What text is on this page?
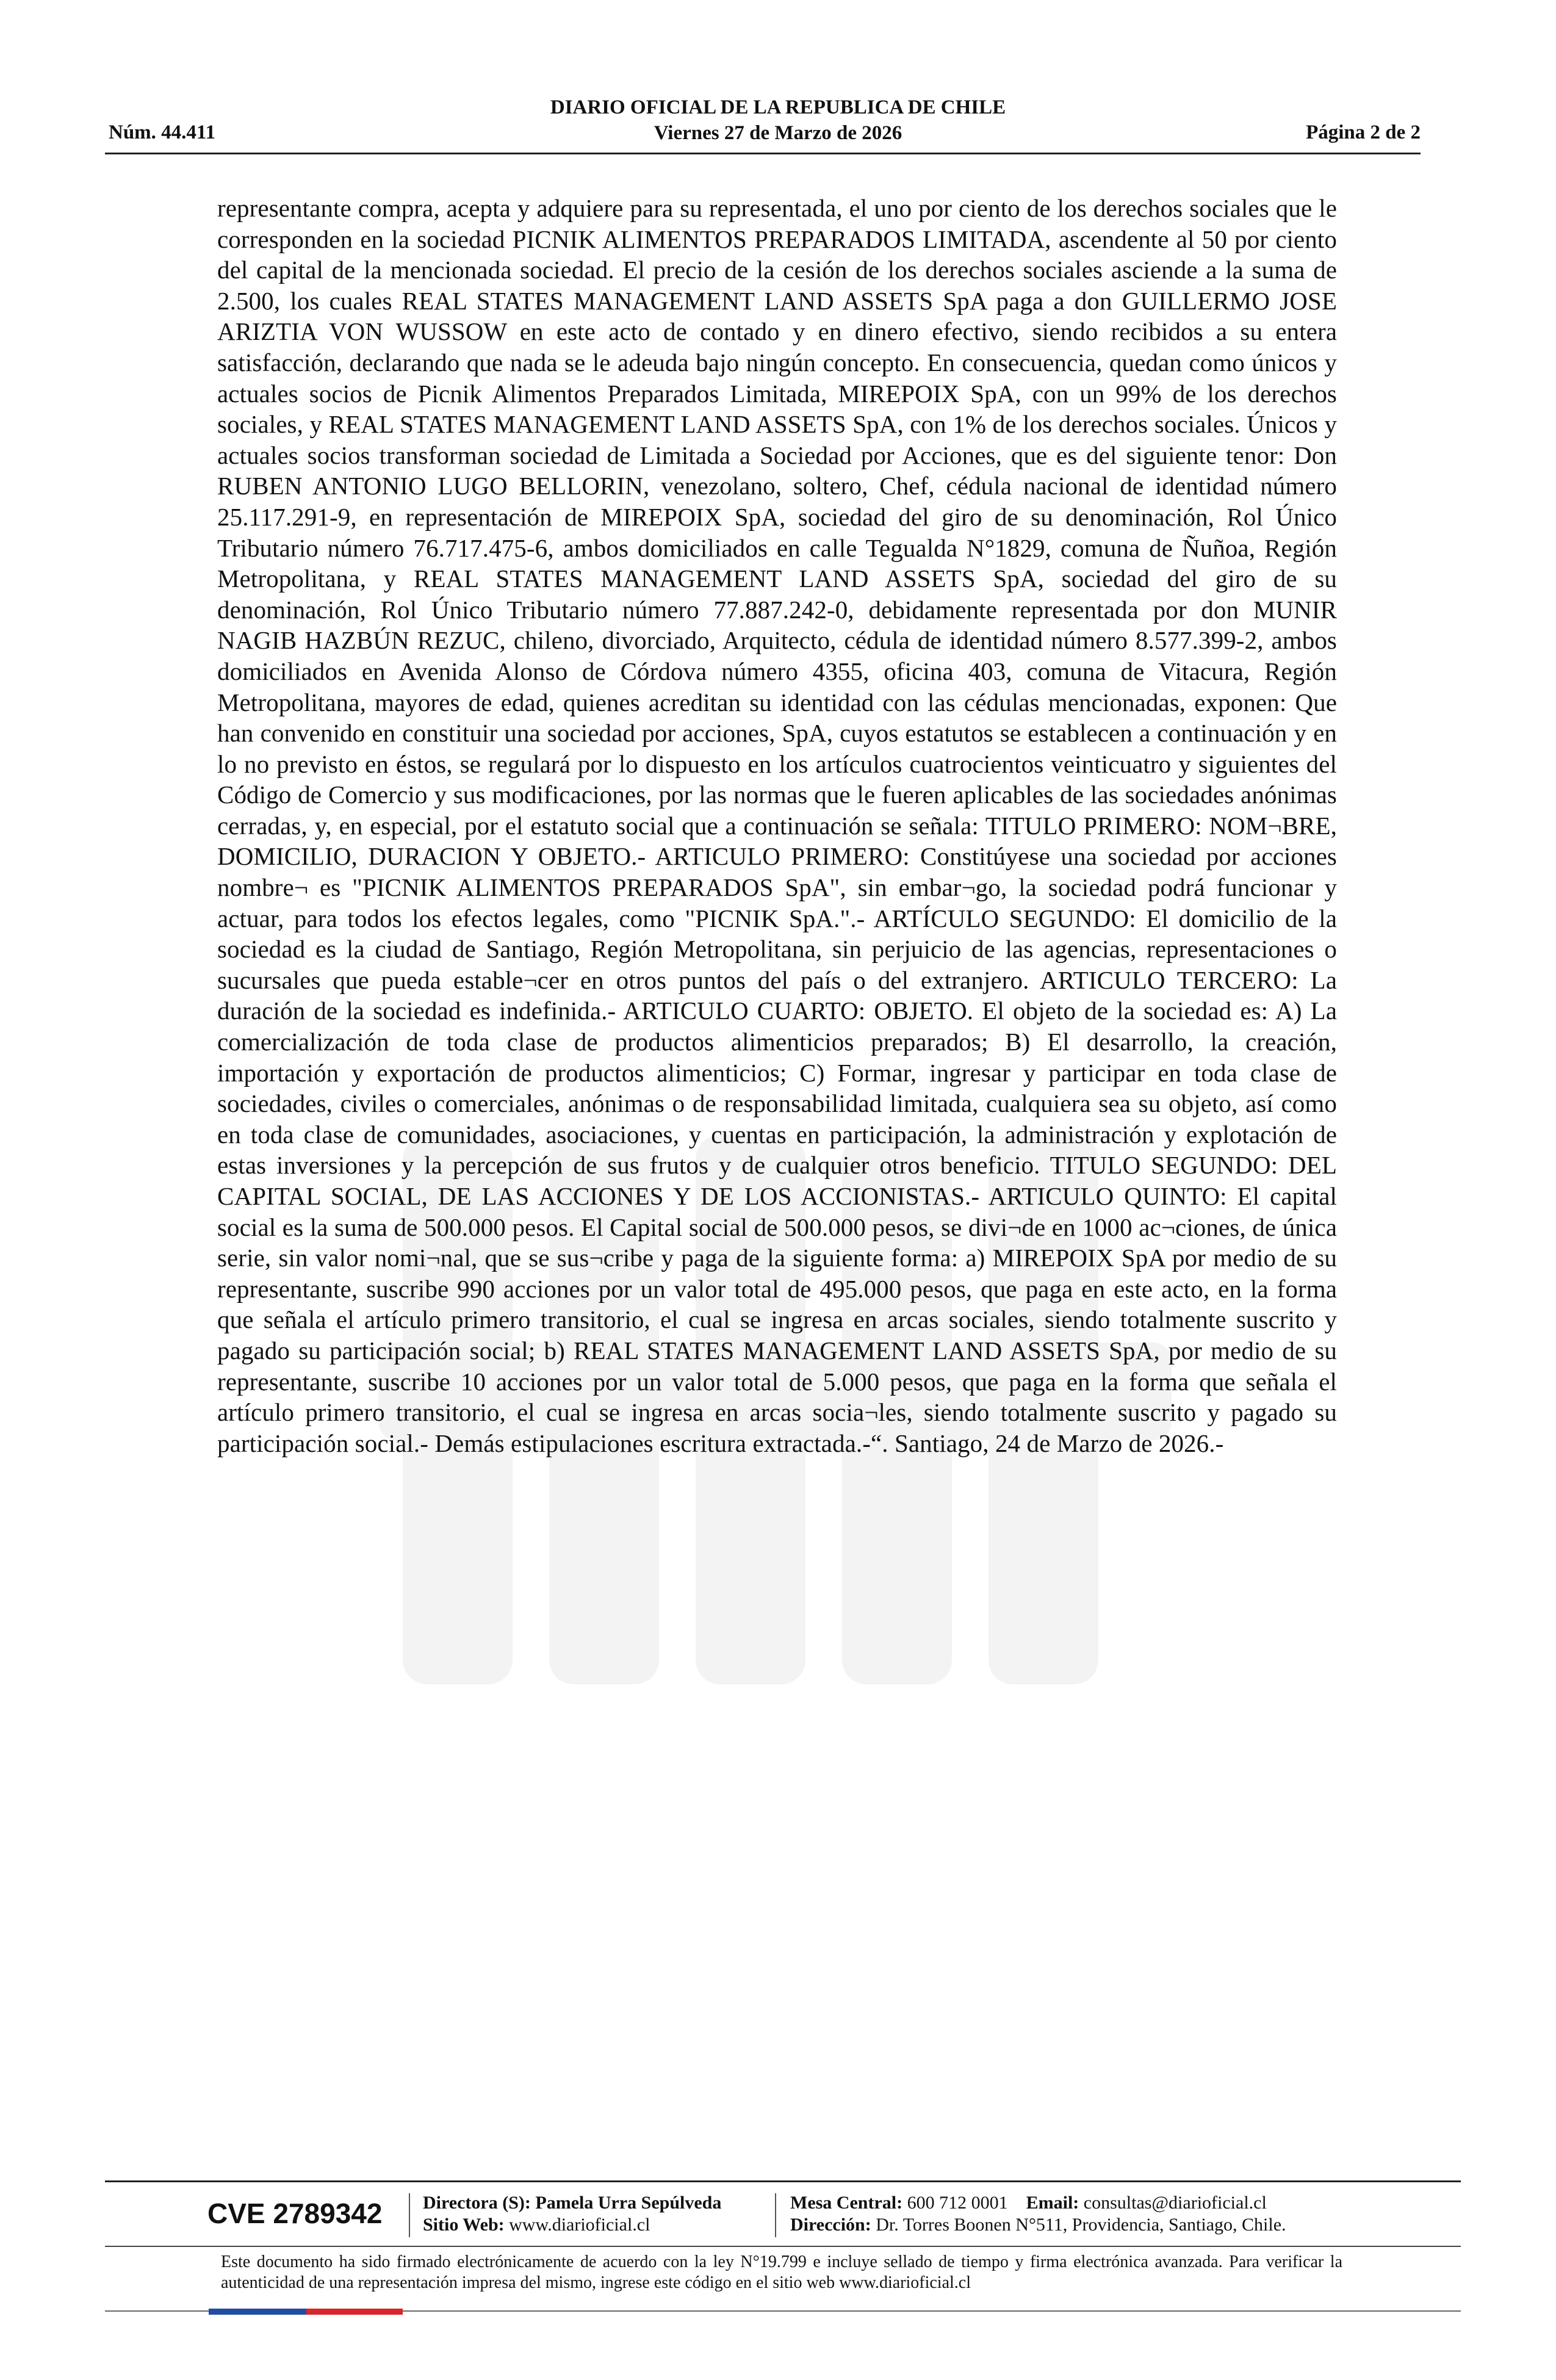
Núm. 44.411
DIARIO OFICIAL DE LA REPUBLICA DE CHILE
Viernes 27 de Marzo de 2026	Página 2 de 2
representante compra, acepta y adquiere para su representada, el uno por ciento de los derechos sociales que le corresponden en la sociedad PICNIK ALIMENTOS PREPARADOS LIMITADA, ascendente al 50 por ciento del capital de la mencionada sociedad. El precio de la cesión de los derechos sociales asciende a la suma de 2.500, los cuales REAL STATES MANAGEMENT LAND ASSETS SpA paga a don GUILLERMO JOSE ARIZTIA VON WUSSOW en este acto de contado y en dinero efectivo, siendo recibidos a su entera satisfacción, declarando que nada se le adeuda bajo ningún concepto. En consecuencia, quedan como únicos y actuales socios de Picnik Alimentos Preparados Limitada, MIREPOIX SpA, con un 99% de los derechos sociales, y REAL STATES MANAGEMENT LAND ASSETS SpA, con 1% de los derechos sociales. Únicos y actuales socios transforman sociedad de Limitada a Sociedad por Acciones, que es del siguiente tenor: Don RUBEN ANTONIO LUGO BELLORIN, venezolano, soltero, Chef, cédula nacional de identidad número 25.117.291-9, en representación de MIREPOIX SpA, sociedad del giro de su denominación, Rol Único Tributario número 76.717.475-6, ambos domiciliados en calle Tegualda N°1829, comuna de Ñuñoa, Región Metropolitana, y REAL STATES MANAGEMENT LAND ASSETS SpA, sociedad del giro de su denominación, Rol Único Tributario número 77.887.242-0, debidamente representada por don MUNIR NAGIB HAZBÚN REZUC, chileno, divorciado, Arquitecto, cédula de identidad número 8.577.399-2, ambos domiciliados en Avenida Alonso de Córdova número 4355, oficina 403, comuna de Vitacura, Región Metropolitana, mayores de edad, quienes acreditan su identidad con las cédulas mencionadas, exponen: Que han convenido en constituir una sociedad por acciones, SpA, cuyos estatutos se establecen a continuación y en lo no previsto en éstos, se regulará por lo dispuesto en los artículos cuatrocientos veinticuatro y siguientes del Código de Comercio y sus modificaciones, por las normas que le fueren aplicables de las sociedades anónimas cerradas, y, en especial, por el estatuto social que a continuación se señala: TITULO PRIMERO: NOM¬BRE, DOMICILIO, DURACION Y OBJETO.- ARTICULO PRIMERO: Constitúyese una sociedad por acciones nombre¬ es "PICNIK ALIMENTOS PREPARADOS SpA", sin embar¬go, la sociedad podrá funcionar y actuar, para todos los efectos legales, como "PICNIK SpA.".- ARTÍCULO SEGUNDO: El domicilio de la sociedad es la ciudad de Santiago, Región Metropolitana, sin perjuicio de las agencias, representaciones o sucursales que pueda estable¬cer en otros puntos del país o del extranjero. ARTICULO TERCERO: La duración de la sociedad es indefinida.- ARTICULO CUARTO: OBJETO. El objeto de la sociedad es: A) La comercialización de toda clase de productos alimenticios preparados; B) El desarrollo, la creación, importación y exportación de productos alimenticios; C) Formar, ingresar y participar en toda clase de sociedades, civiles o comerciales, anónimas o de responsabilidad limitada, cualquiera sea su objeto, así como en toda clase de comunidades, asociaciones, y cuentas en participación, la administración y explotación de estas inversiones y la percepción de sus frutos y de cualquier otros beneficio. TITULO SEGUNDO: DEL CAPITAL SOCIAL, DE LAS ACCIONES Y DE LOS ACCIONISTAS.- ARTICULO QUINTO: El capital social es la suma de 500.000 pesos. El Capital social de 500.000 pesos, se divi¬de en 1000 ac¬ciones, de única serie, sin valor nomi¬nal, que se sus¬cribe y paga de la siguiente forma: a) MIREPOIX SpA por medio de su representante, suscribe 990 acciones por un valor total de 495.000 pesos, que paga en este acto, en la forma que señala el artículo primero transitorio, el cual se ingresa en arcas sociales, siendo totalmente suscrito y pagado su participación social; b) REAL STATES MANAGEMENT LAND ASSETS SpA, por medio de su representante, suscribe 10 acciones por un valor total de 5.000 pesos, que paga en la forma que señala el artículo primero transitorio, el cual se ingresa en arcas socia¬les, siendo totalmente suscrito y pagado su participación social.- Demás estipulaciones escritura extractada.-“. Santiago, 24 de Marzo de 2026.-
CVE 2789342	Directora (S): Pamela Urra Sepúlveda
Sitio Web: www.diarioficial.cl
Mesa Central: 600 712 0001 Email: consultas@diarioficial.cl
Dirección: Dr. Torres Boonen N°511, Providencia, Santiago, Chile.
Este documento ha sido firmado electrónicamente de acuerdo con la ley N°19.799 e incluye sellado de tiempo y firma electrónica avanzada. Para verificar la autenticidad de una representación impresa del mismo, ingrese este código en el sitio web www.diarioficial.cl
